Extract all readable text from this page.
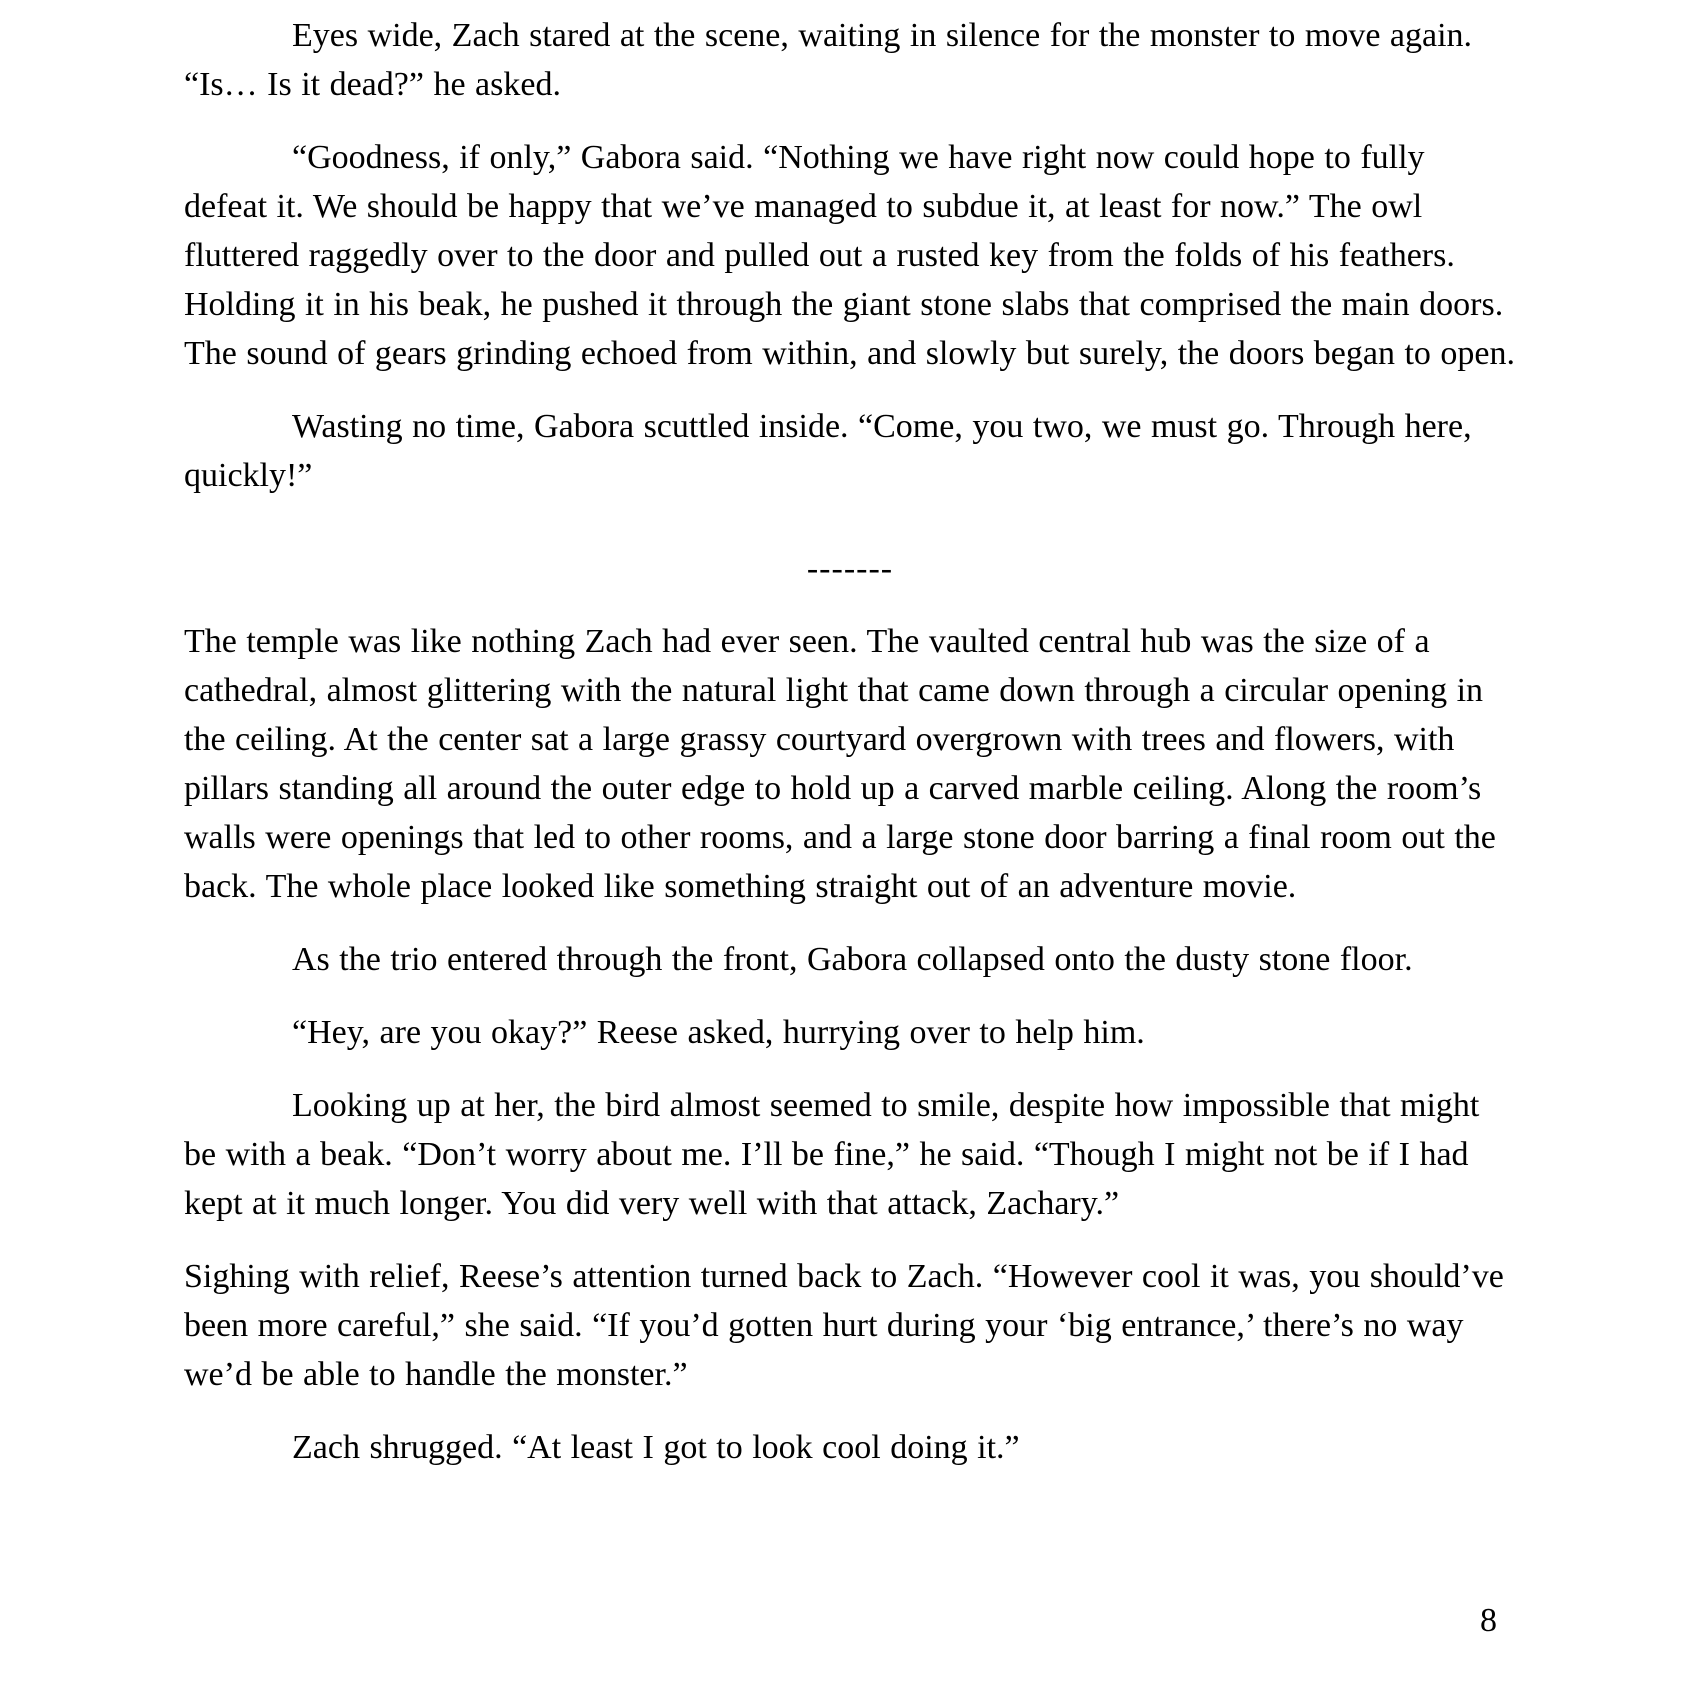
Eyes wide, Zach stared at the scene, waiting in silence for the monster to move again. “Is… Is it dead?” he asked.

“Goodness, if only,” Gabora said. “Nothing we have right now could hope to fully defeat it. We should be happy that we’ve managed to subdue it, at least for now.” The owl fluttered raggedly over to the door and pulled out a rusted key from the folds of his feathers. Holding it in his beak, he pushed it through the giant stone slabs that comprised the main doors. The sound of gears grinding echoed from within, and slowly but surely, the doors began to open.

Wasting no time, Gabora scuttled inside. “Come, you two, we must go. Through here, quickly!”

-------

The temple was like nothing Zach had ever seen. The vaulted central hub was the size of a cathedral, almost glittering with the natural light that came down through a circular opening in the ceiling. At the center sat a large grassy courtyard overgrown with trees and flowers, with pillars standing all around the outer edge to hold up a carved marble ceiling. Along the room’s walls were openings that led to other rooms, and a large stone door barring a final room out the back. The whole place looked like something straight out of an adventure movie.

As the trio entered through the front, Gabora collapsed onto the dusty stone floor.

“Hey, are you okay?” Reese asked, hurrying over to help him.

Looking up at her, the bird almost seemed to smile, despite how impossible that might be with a beak. “Don’t worry about me. I’ll be fine,” he said. “Though I might not be if I had kept at it much longer. You did very well with that attack, Zachary.”

Sighing with relief, Reese’s attention turned back to Zach. “However cool it was, you should’ve been more careful,” she said. “If you’d gotten hurt during your ‘big entrance,’ there’s no way we’d be able to handle the monster.”

Zach shrugged. “At least I got to look cool doing it.”

8
